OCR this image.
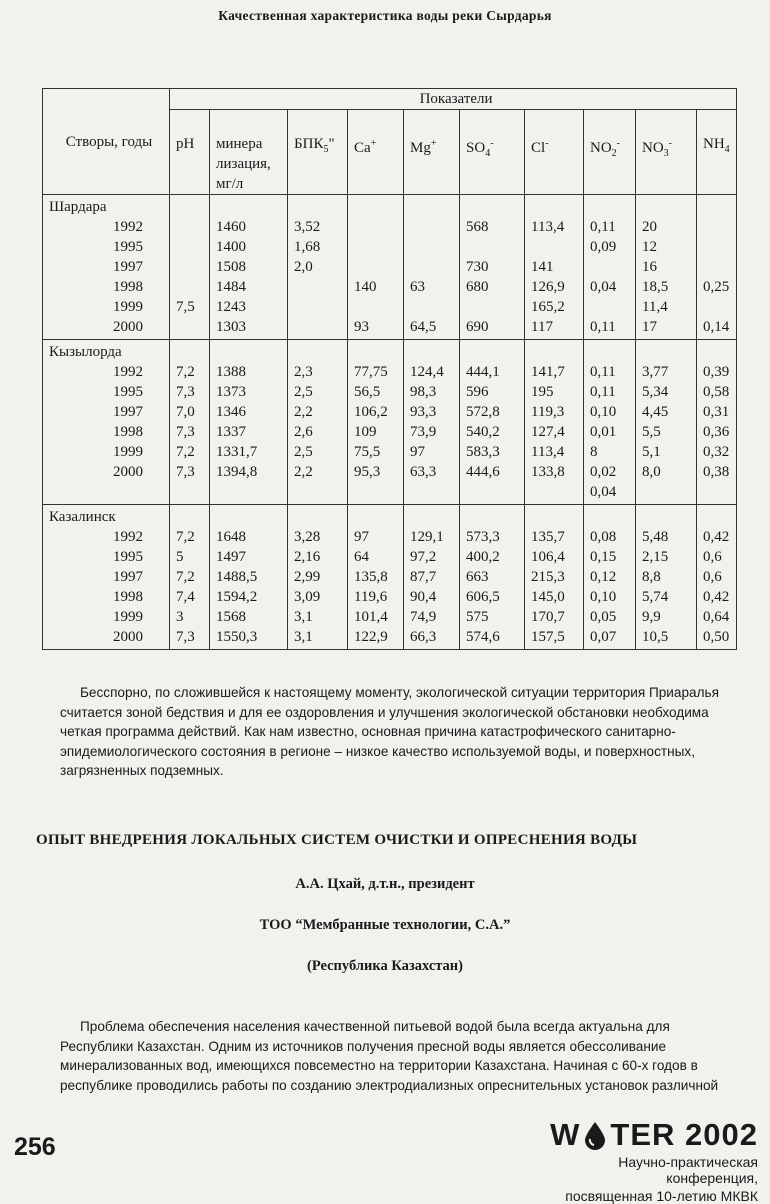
Качественная характеристика воды реки Сырдарья
Створы, годы	Показатели									
	pH	минера
лизация,
мг/л	$БПК_5$"	Ca+	Mg+	$SO_4^-$	Cl-	$NO_2^-$	$NO_3^-$	$NH_4$
Шардара										
1992		1460	3,52			568	113,4	0,11	20	
1995		1400	1,68					0,09	12	
1997		1508	2,0			730	141		16	
1998		1484		140	63	680	126,9	0,04	18,5	0,25
1999	7,5	1243					165,2		11,4	
2000		1303		93	64,5	690	117	0,11	17	0,14
Кызылорда										
1992	7,2	1388	2,3	77,75	124,4	444,1	141,7	0,11	3,77	0,39
1995	7,3	1373	2,5	56,5	98,3	596	195	0,11	5,34	0,58
1997	7,0	1346	2,2	106,2	93,3	572,8	119,3	0,10	4,45	0,31
1998	7,3	1337	2,6	109	73,9	540,2	127,4	0,01	5,5	0,36
1999	7,2	1331,7	2,5	75,5	97	583,3	113,4	8	5,1	0,32
2000	7,3	1394,8	2,2	95,3	63,3	444,6	133,8	0,02	8,0	0,38
								0,04		
Казалинск										
1992	7,2	1648	3,28	97	129,1	573,3	135,7	0,08	5,48	0,42
1995	5	1497	2,16	64	97,2	400,2	106,4	0,15	2,15	0,6
1997	7,2	1488,5	2,99	135,8	87,7	663	215,3	0,12	8,8	0,6
1998	7,4	1594,2	3,09	119,6	90,4	606,5	145,0	0,10	5,74	0,42
1999	3	1568	3,1	101,4	74,9	575	170,7	0,05	9,9	0,64
2000	7,3	1550,3	3,1	122,9	66,3	574,6	157,5	0,07	10,5	0,50

Бесспорно, по сложившейся к настоящему моменту, экологической ситуации территория Приаралья
считается зоной бедствия и для ее оздоровления и улучшения экологической обстановки необходима четкая программа действий. Как нам известно, основная причина катастрофического санитарно-эпидемиологического состояния в регионе – низкое качество используемой воды, и поверхностных, загрязненных подземных.

ОПЫТ ВНЕДРЕНИЯ ЛОКАЛЬНЫХ СИСТЕМ ОЧИСТКИ И ОПРЕСНЕНИЯ ВОДЫ
А.А. Цхай, д.т.н., президент
ТОО “Мембранные технологии, С.А.”
(Республика Казахстан)

Проблема обеспечения населения качественной питьевой водой была всегда актуальна для
Республики Казахстан. Одним из источников получения пресной воды является обессоливание минерализованных вод, имеющихся повсеместно на территории Казахстана. Начиная с 60-х годов в республике проводились работы по созданию электродиализных опреснительных установок различной

256	W TER 2002
Научно-практическая конференция,
посвященная 10-летию МКВК
